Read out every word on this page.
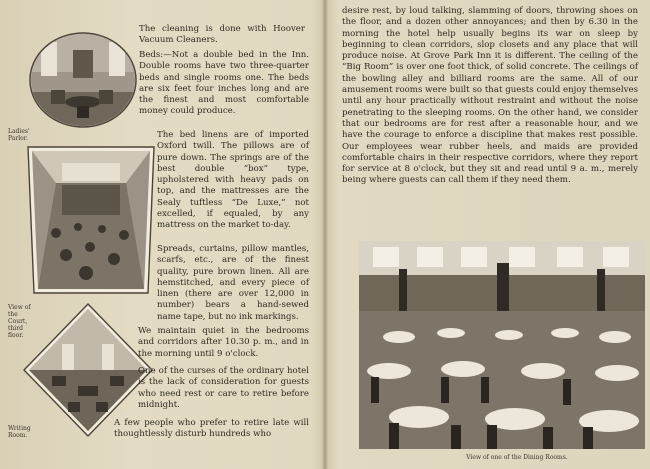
Ladies' Parlor.
View of the Court, third floor.
Writing Room.

The cleaning is done with Hoover Vacuum Cleaners.

Beds:—Not a double bed in the Inn. Double rooms have two three-quarter beds and single rooms one. The beds are six feet four inches long and are the finest and most comfortable money could produce.

The bed linens are of imported Oxford twill. The pillows are of pure down. The springs are of the best double “box” type, upholstered with heavy pads on top, and the mattresses are the Sealy tuftless “De Luxe,” not excelled, if equaled, by any mattress on the market to-day.

Spreads, curtains, pillow mantles, scarfs, etc., are of the finest quality, pure brown linen. All are hemstitched, and every piece of linen (there are over 12,000 in number) bears a hand-sewed name tape, but no ink markings.

We maintain quiet in the bedrooms and corridors after 10.30 p. m., and in the morning until 9 o'clock.

One of the curses of the ordinary hotel is the lack of consideration for guests who need rest or care to retire before midnight.

A few people who prefer to retire late will thoughtlessly disturb hundreds who

desire rest, by loud talking, slamming of doors, throwing shoes on the floor, and a dozen other annoyances; and then by 6.30 in the morning the hotel help usually begins its war on sleep by beginning to clean corridors, slop closets and any place that will produce noise. At Grove Park Inn it is different. The ceiling of the “Big Room” is over one foot thick, of solid concrete. The ceilings of the bowling alley and billiard rooms are the same. All of our amusement rooms were built so that guests could enjoy themselves until any hour practically without restraint and without the noise penetrating to the sleeping rooms. On the other hand, we consider that our bedrooms are for rest after a reasonable hour, and we have the courage to enforce a discipline that makes rest possible. Our employees wear rubber heels, and maids are provided comfortable chairs in their respective corridors, where they report for service at 8 o'clock, but they sit and read until 9 a. m., merely being where guests can call them if they need them.

View of one of the Dining Rooms.
